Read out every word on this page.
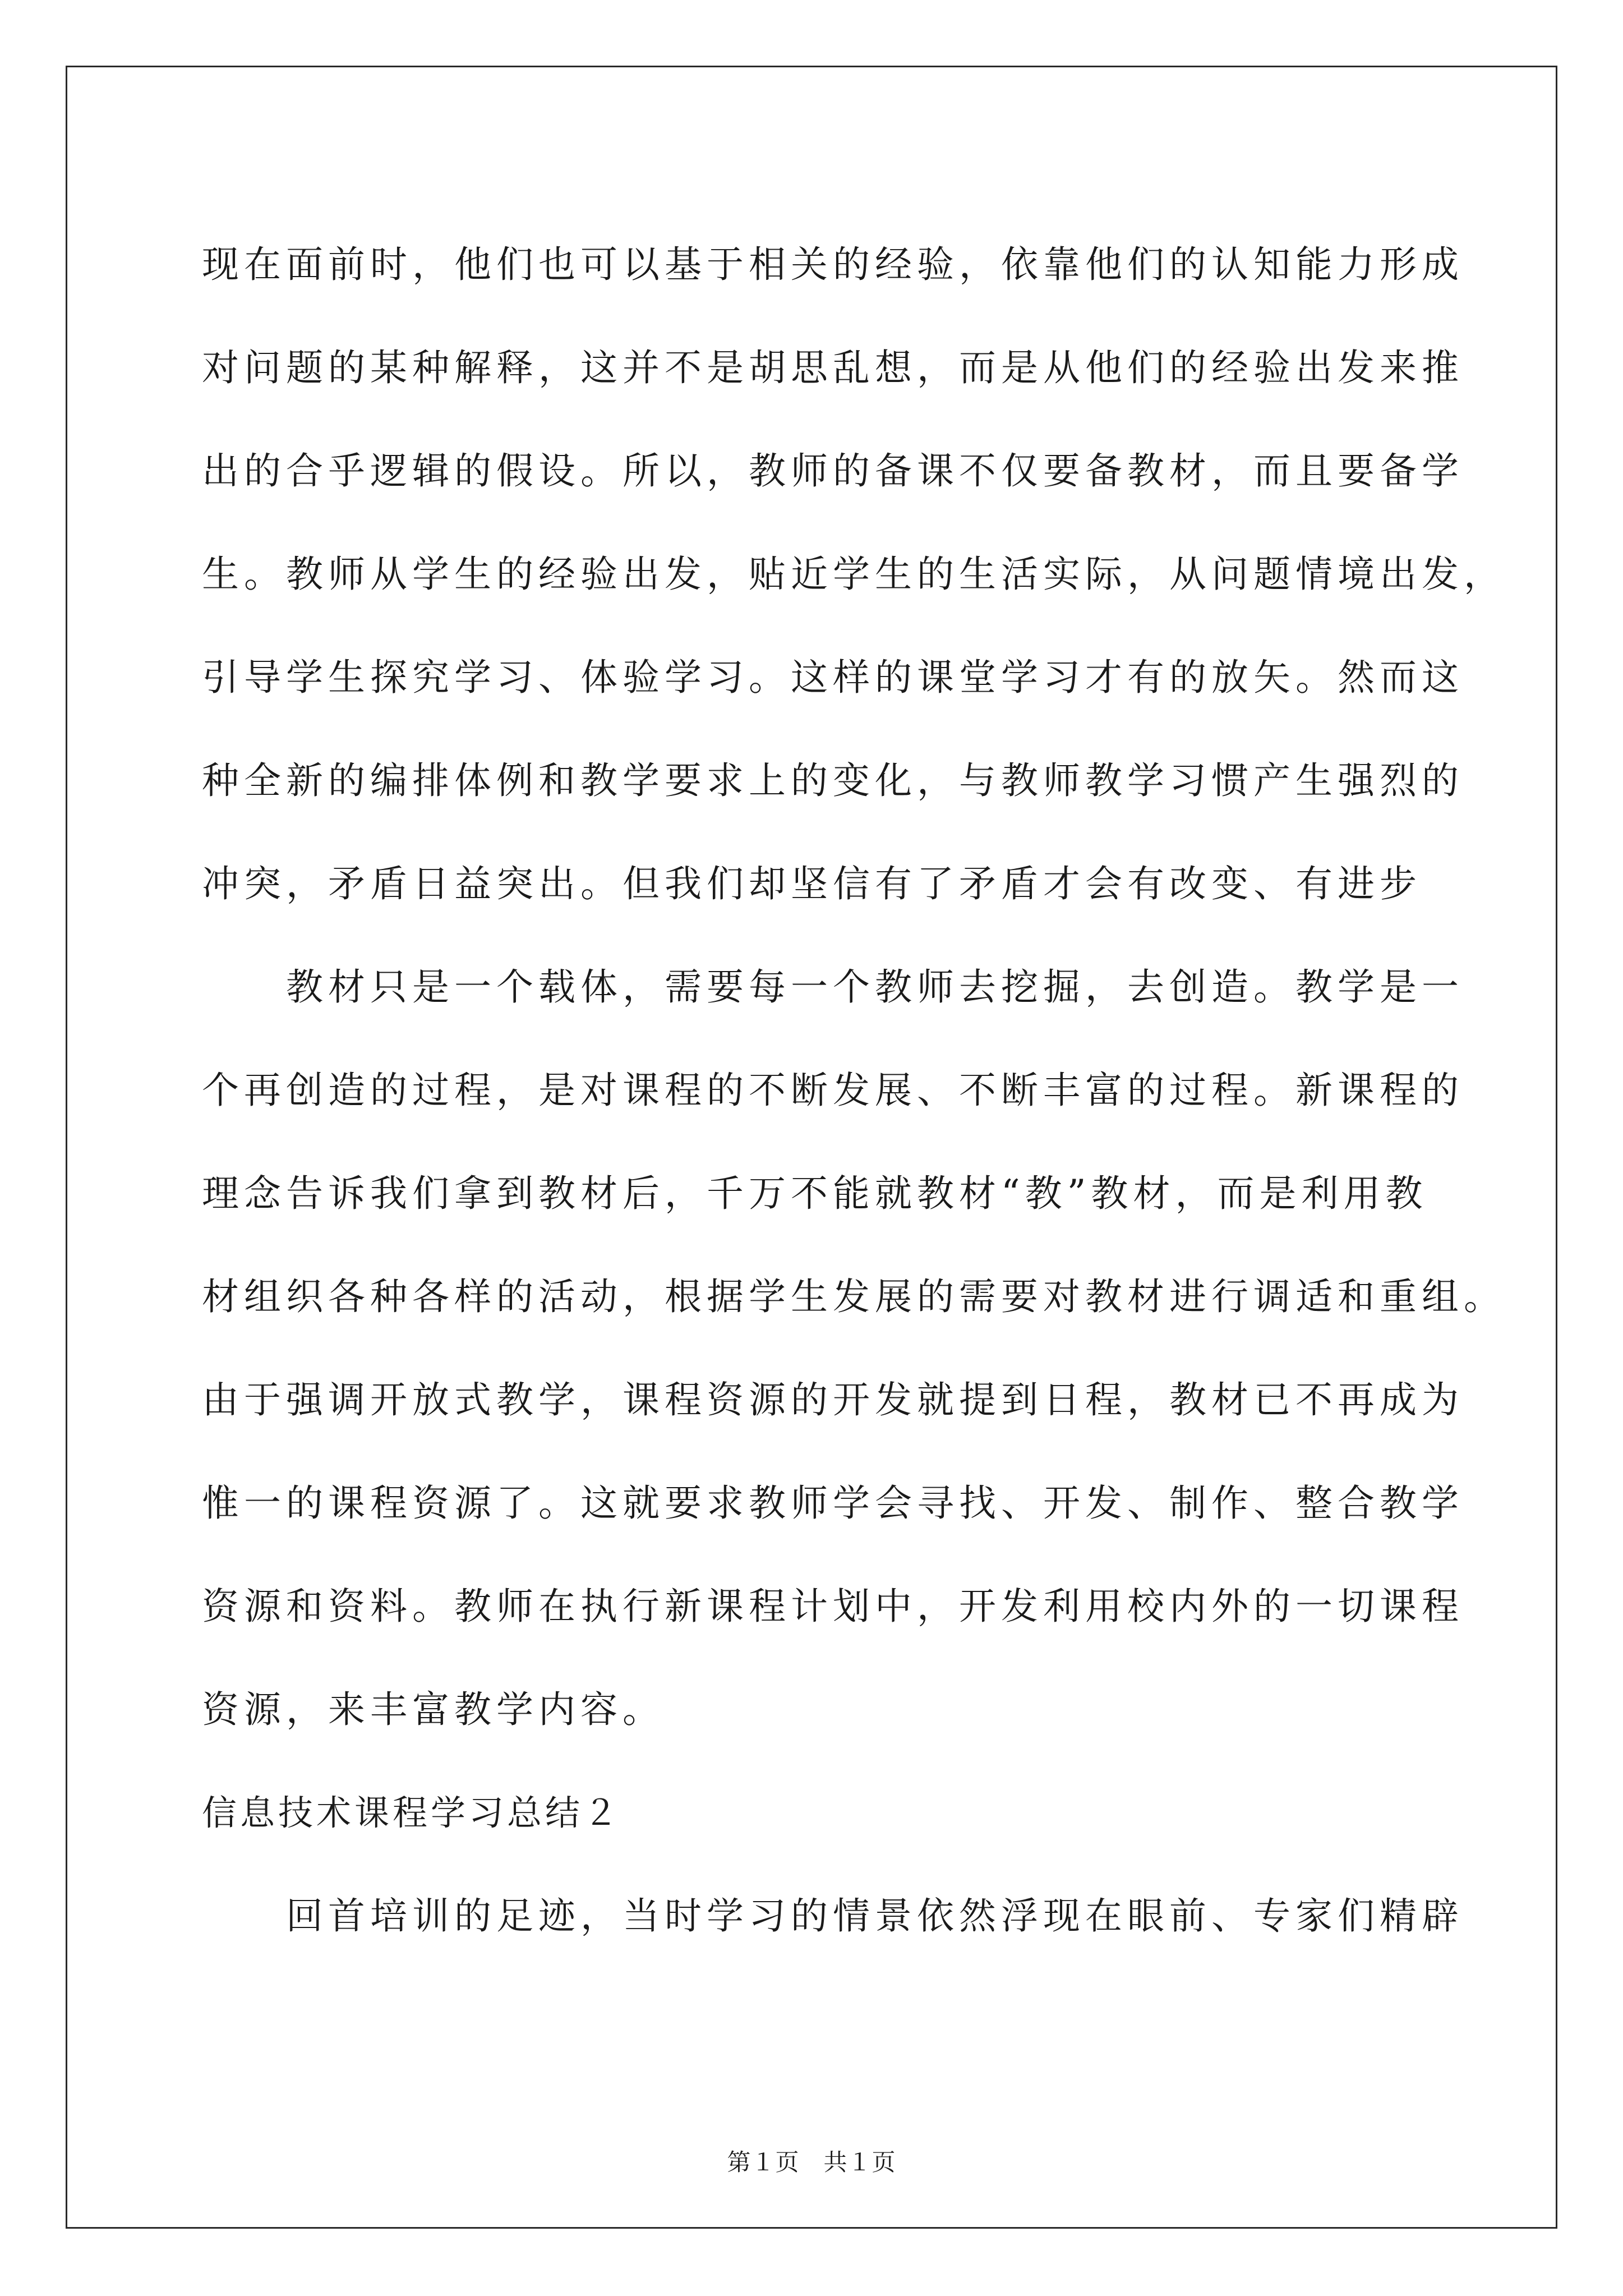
现在面前时，他们也可以基于相关的经验，依靠他们的认知能力形成
对问题的某种解释，这并不是胡思乱想，而是从他们的经验出发来推
出的合乎逻辑的假设。所以，教师的备课不仅要备教材，而且要备学
生。教师从学生的经验出发，贴近学生的生活实际，从问题情境出发，
引导学生探究学习、体验学习。这样的课堂学习才有的放矢。然而这
种全新的编排体例和教学要求上的变化，与教师教学习惯产生强烈的
冲突，矛盾日益突出。但我们却坚信有了矛盾才会有改变、有进步
教材只是一个载体，需要每一个教师去挖掘，去创造。教学是一
个再创造的过程，是对课程的不断发展、不断丰富的过程。新课程的
理念告诉我们拿到教材后，千万不能就教材“教”教材，而是利用教
材组织各种各样的活动，根据学生发展的需要对教材进行调适和重组。
由于强调开放式教学，课程资源的开发就提到日程，教材已不再成为
惟一的课程资源了。这就要求教师学会寻找、开发、制作、整合教学
资源和资料。教师在执行新课程计划中，开发利用校内外的一切课程
资源，来丰富教学内容。
信息技术课程学习总结２
回首培训的足迹，当时学习的情景依然浮现在眼前、专家们精辟
第１页　共１页
